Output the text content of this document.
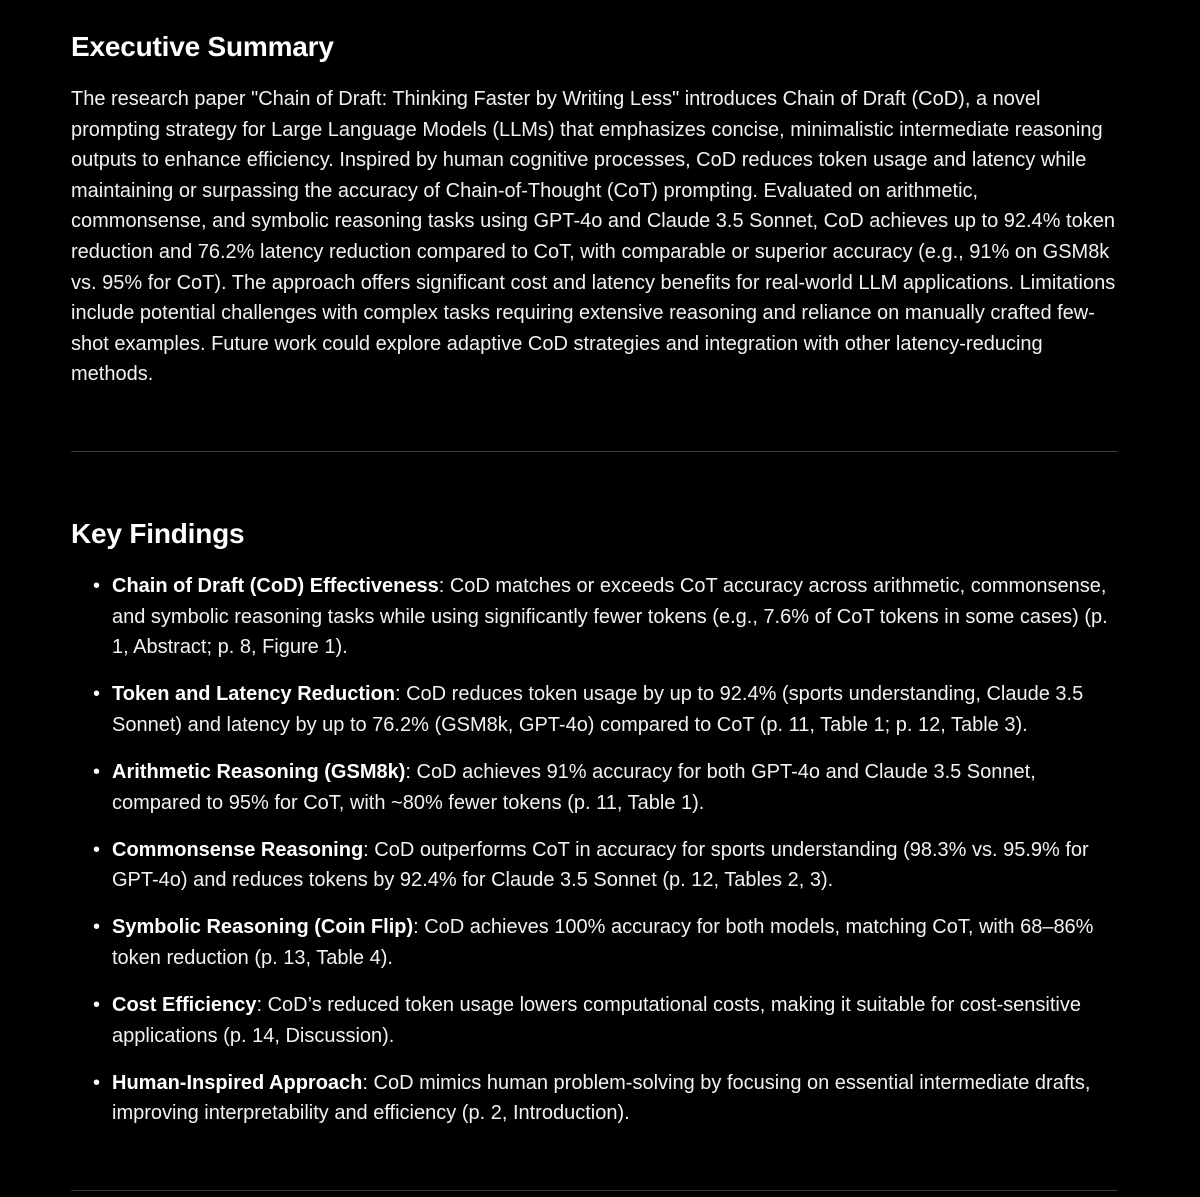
Executive Summary

The research paper "Chain of Draft: Thinking Faster by Writing Less" introduces Chain of Draft (CoD), a novel prompting strategy for Large Language Models (LLMs) that emphasizes concise, minimalistic intermediate reasoning outputs to enhance efficiency. Inspired by human cognitive processes, CoD reduces token usage and latency while maintaining or surpassing the accuracy of Chain-of-Thought (CoT) prompting. Evaluated on arithmetic, commonsense, and symbolic reasoning tasks using GPT-4o and Claude 3.5 Sonnet, CoD achieves up to 92.4% token reduction and 76.2% latency reduction compared to CoT, with comparable or superior accuracy (e.g., 91% on GSM8k vs. 95% for CoT). The approach offers significant cost and latency benefits for real-world LLM applications. Limitations include potential challenges with complex tasks requiring extensive reasoning and reliance on manually crafted few-shot examples. Future work could explore adaptive CoD strategies and integration with other latency-reducing methods.

Key Findings
• Chain of Draft (CoD) Effectiveness: CoD matches or exceeds CoT accuracy across arithmetic, commonsense, and symbolic reasoning tasks while using significantly fewer tokens (e.g., 7.6% of CoT tokens in some cases) (p. 1, Abstract; p. 8, Figure 1).
• Token and Latency Reduction: CoD reduces token usage by up to 92.4% (sports understanding, Claude 3.5 Sonnet) and latency by up to 76.2% (GSM8k, GPT-4o) compared to CoT (p. 11, Table 1; p. 12, Table 3).
• Arithmetic Reasoning (GSM8k): CoD achieves 91% accuracy for both GPT-4o and Claude 3.5 Sonnet, compared to 95% for CoT, with ~80% fewer tokens (p. 11, Table 1).
• Commonsense Reasoning: CoD outperforms CoT in accuracy for sports understanding (98.3% vs. 95.9% for GPT-4o) and reduces tokens by 92.4% for Claude 3.5 Sonnet (p. 12, Tables 2, 3).
• Symbolic Reasoning (Coin Flip): CoD achieves 100% accuracy for both models, matching CoT, with 68–86% token reduction (p. 13, Table 4).
• Cost Efficiency: CoD’s reduced token usage lowers computational costs, making it suitable for cost-sensitive applications (p. 14, Discussion).
• Human-Inspired Approach: CoD mimics human problem-solving by focusing on essential intermediate drafts, improving interpretability and efficiency (p. 2, Introduction).
